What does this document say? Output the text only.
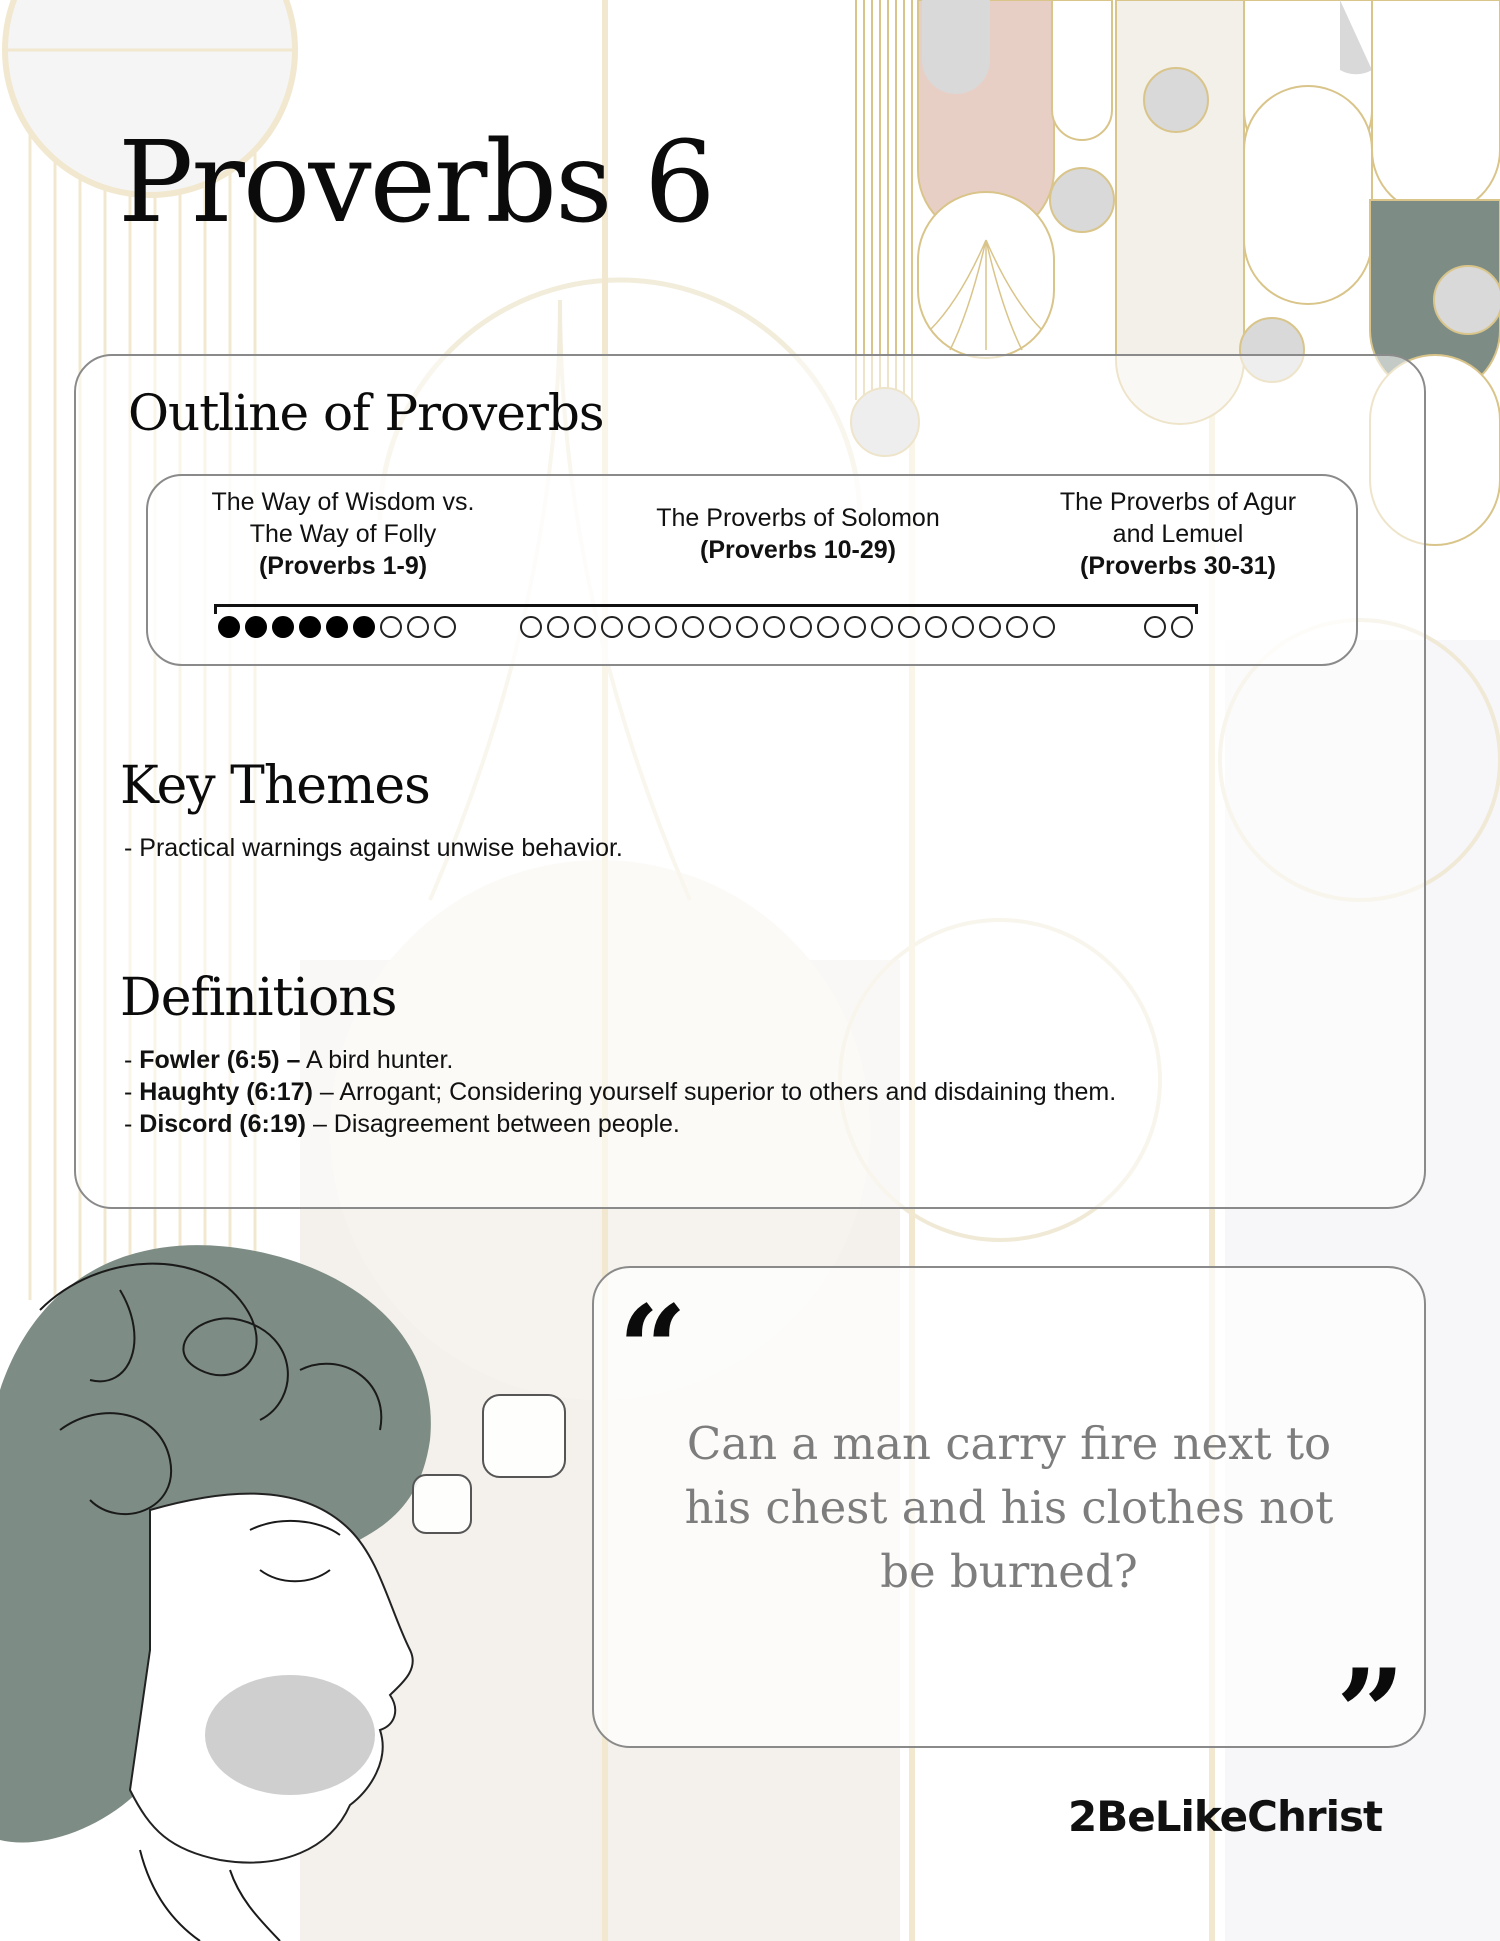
Proverbs 6
Outline of Proverbs
The Way of Wisdom vs.
The Way of Folly
(Proverbs 1-9)
The Proverbs of Solomon
(Proverbs 10-29)
The Proverbs of Agur
and Lemuel
(Proverbs 30-31)
Key Themes

- Practical warnings against unwise behavior.

Definitions
- Fowler (6:5) – A bird hunter.
- Haughty (6:17) – Arrogant; Considering yourself superior to others and disdaining them.
- Discord (6:19) – Disagreement between people.
“

Can a man carry fire next to his chest and his clothes not be burned?

”
2BeLikeChrist
